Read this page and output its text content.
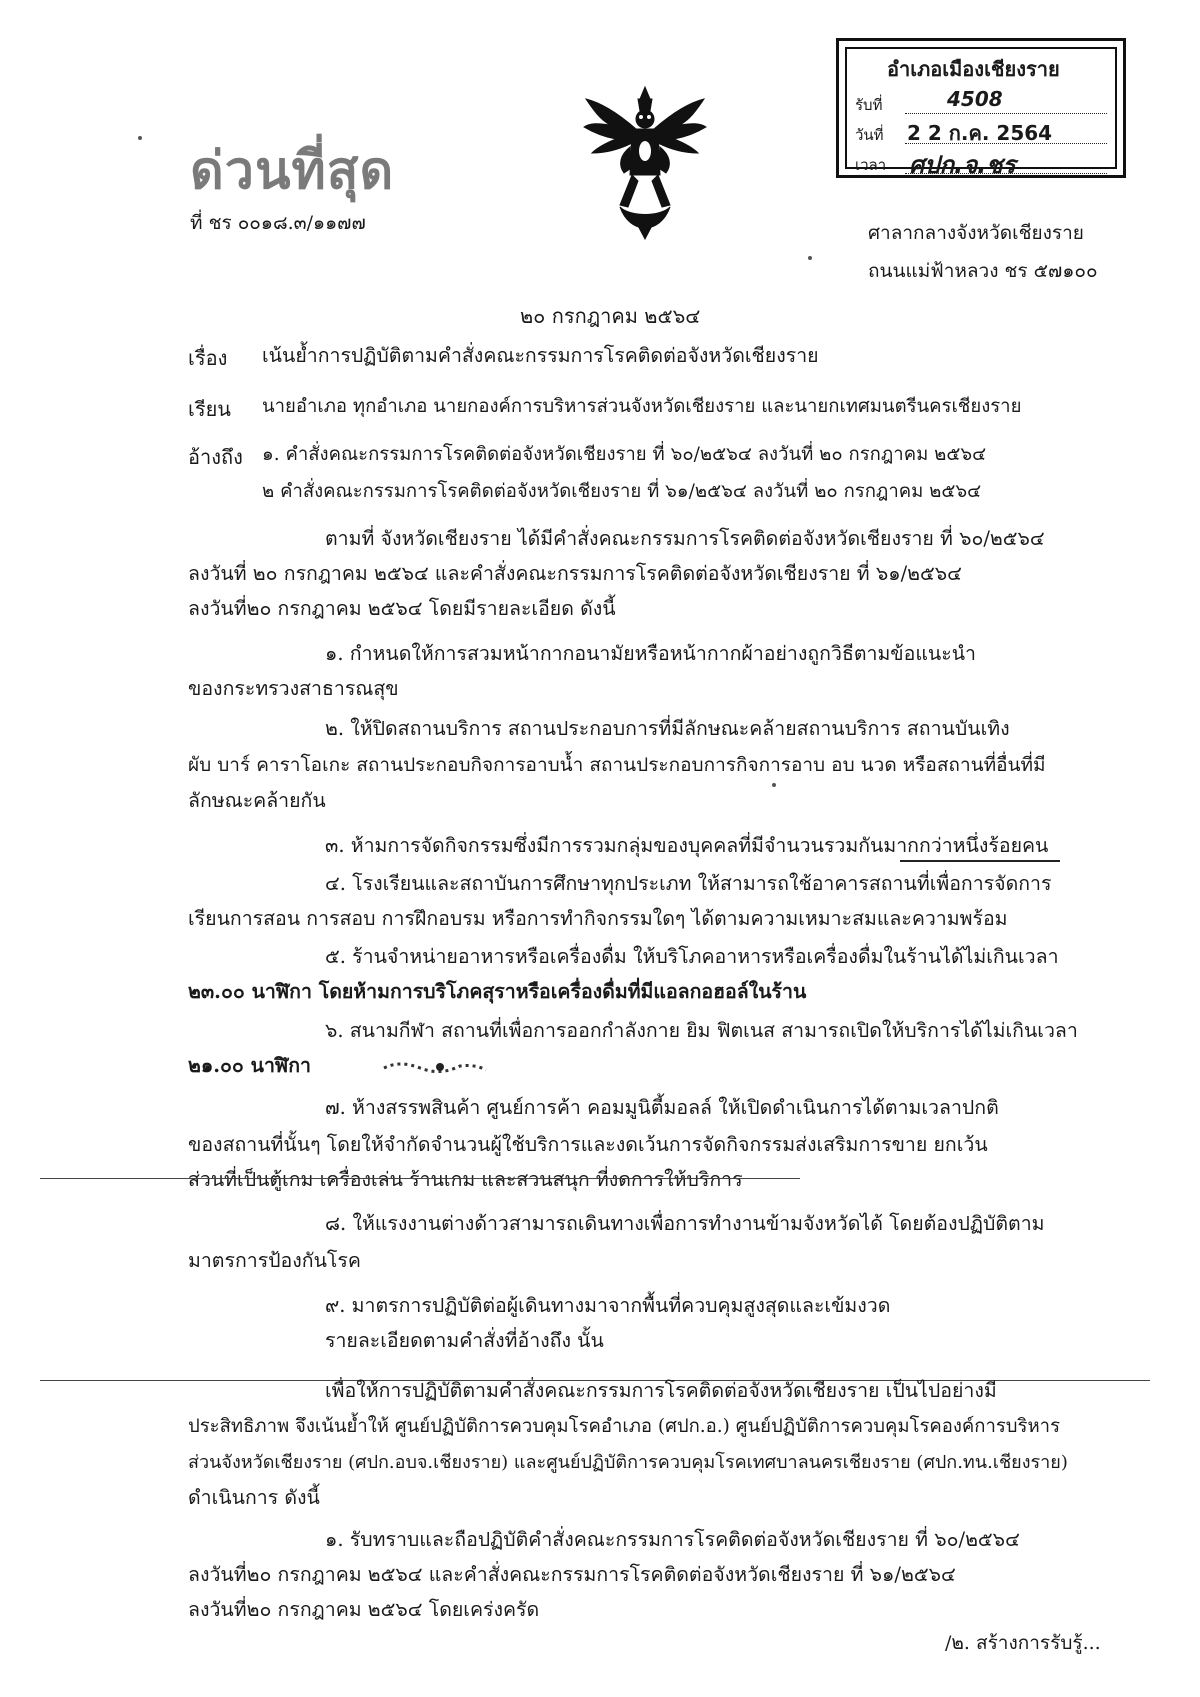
ด่วนที่สุด
ที่ ชร ๐๐๑๘.๓/๑๑๗๗
อำเภอเมืองเชียงราย
รับที่	4508
วันที่ 2 2 ก.ค. 2564
เวลา ศปก.จ.ชร
ศาลากลางจังหวัดเชียงราย
ถนนแม่ฟ้าหลวง ชร ๕๗๑๐๐
๒๐ กรกฎาคม ๒๕๖๔
เรื่อง เน้นย้ำการปฏิบัติตามคำสั่งคณะกรรมการโรคติดต่อจังหวัดเชียงราย
เรียน นายอำเภอ ทุกอำเภอ นายกองค์การบริหารส่วนจังหวัดเชียงราย และนายกเทศมนตรีนครเชียงราย
อ้างถึง ๑. คำสั่งคณะกรรมการโรคติดต่อจังหวัดเชียงราย ที่ ๖๐/๒๕๖๔ ลงวันที่ ๒๐ กรกฎาคม ๒๕๖๔
๒ คำสั่งคณะกรรมการโรคติดต่อจังหวัดเชียงราย ที่ ๖๑/๒๕๖๔ ลงวันที่ ๒๐ กรกฎาคม ๒๕๖๔
ตามที่ จังหวัดเชียงราย ได้มีคำสั่งคณะกรรมการโรคติดต่อจังหวัดเชียงราย ที่ ๖๐/๒๕๖๔
ลงวันที่ ๒๐ กรกฎาคม ๒๕๖๔ และคำสั่งคณะกรรมการโรคติดต่อจังหวัดเชียงราย ที่ ๖๑/๒๕๖๔
ลงวันที่๒๐ กรกฎาคม ๒๕๖๔ โดยมีรายละเอียด ดังนี้
๑. กำหนดให้การสวมหน้ากากอนามัยหรือหน้ากากผ้าอย่างถูกวิธีตามข้อแนะนำ
ของกระทรวงสาธารณสุข
๒. ให้ปิดสถานบริการ สถานประกอบการที่มีลักษณะคล้ายสถานบริการ สถานบันเทิง
ผับ บาร์ คาราโอเกะ สถานประกอบกิจการอาบน้ำ สถานประกอบการกิจการอาบ อบ นวด หรือสถานที่อื่นที่มี
ลักษณะคล้ายกัน
๓. ห้ามการจัดกิจกรรมซึ่งมีการรวมกลุ่มของบุคคลที่มีจำนวนรวมกันมากกว่าหนึ่งร้อยคน
๔. โรงเรียนและสถาบันการศึกษาทุกประเภท ให้สามารถใช้อาคารสถานที่เพื่อการจัดการ
เรียนการสอน การสอบ การฝึกอบรม หรือการทำกิจกรรมใดๆ ได้ตามความเหมาะสมและความพร้อม
๕. ร้านจำหน่ายอาหารหรือเครื่องดื่ม ให้บริโภคอาหารหรือเครื่องดื่มในร้านได้ไม่เกินเวลา
๒๓.๐๐ นาฬิกา โดยห้ามการบริโภคสุราหรือเครื่องดื่มที่มีแอลกอฮอล์ในร้าน
๖. สนามกีฬา สถานที่เพื่อการออกกำลังกาย ยิม ฟิตเนส สามารถเปิดให้บริการได้ไม่เกินเวลา
๒๑.๐๐ นาฬิกา
๗. ห้างสรรพสินค้า ศูนย์การค้า คอมมูนิตี้มอลล์ ให้เปิดดำเนินการได้ตามเวลาปกติ
ของสถานที่นั้นๆ โดยให้จำกัดจำนวนผู้ใช้บริการและงดเว้นการจัดกิจกรรมส่งเสริมการขาย ยกเว้น
ส่วนที่เป็นตู้เกม เครื่องเล่น ร้านเกม และสวนสนุก ที่งดการให้บริการ
๘. ให้แรงงานต่างด้าวสามารถเดินทางเพื่อการทำงานข้ามจังหวัดได้ โดยต้องปฏิบัติตาม
มาตรการป้องกันโรค
๙. มาตรการปฏิบัติต่อผู้เดินทางมาจากพื้นที่ควบคุมสูงสุดและเข้มงวด
รายละเอียดตามคำสั่งที่อ้างถึง นั้น
เพื่อให้การปฏิบัติตามคำสั่งคณะกรรมการโรคติดต่อจังหวัดเชียงราย เป็นไปอย่างมี
ประสิทธิภาพ จึงเน้นย้ำให้ ศูนย์ปฏิบัติการควบคุมโรคอำเภอ (ศปก.อ.) ศูนย์ปฏิบัติการควบคุมโรคองค์การบริหาร
ส่วนจังหวัดเชียงราย (ศปก.อบจ.เชียงราย) และศูนย์ปฏิบัติการควบคุมโรคเทศบาลนครเชียงราย (ศปก.ทน.เชียงราย)
ดำเนินการ ดังนี้
๑. รับทราบและถือปฏิบัติคำสั่งคณะกรรมการโรคติดต่อจังหวัดเชียงราย ที่ ๖๐/๒๕๖๔
ลงวันที่๒๐ กรกฎาคม ๒๕๖๔ และคำสั่งคณะกรรมการโรคติดต่อจังหวัดเชียงราย ที่ ๖๑/๒๕๖๔
ลงวันที่๒๐ กรกฎาคม ๒๕๖๔ โดยเคร่งครัด
/๒. สร้างการรับรู้...
